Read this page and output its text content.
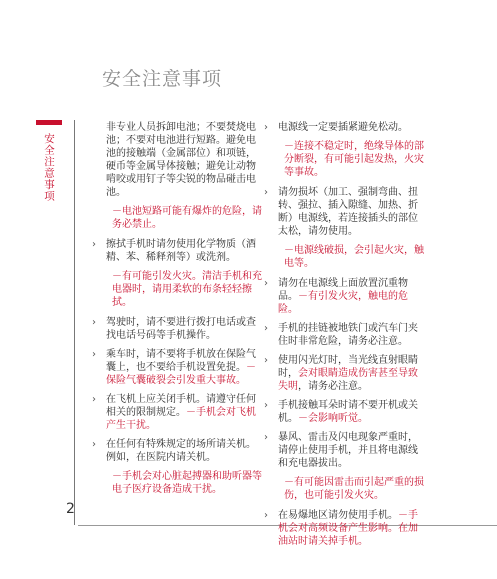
安全注意事项
安全注意事项
2
非专业人员拆卸电池；不要焚烧电池；不要对电池进行短路。避免电池的接触端（金属部位）和项链，硬币等金属导体接触；避免让动物啃咬或用钉子等尖锐的物品碰击电池。
－电池短路可能有爆炸的危险，请务必禁止。
› 擦拭手机时请勿使用化学物质（酒精、苯、稀释剂等）或洗剂。
－有可能引发火灾。清洁手机和充电器时，请用柔软的布条轻轻擦拭。
› 驾驶时，请不要进行拨打电话或查找电话号码等手机操作。
› 乘车时，请不要将手机放在保险气囊上，也不要给手机设置免提。－保险气囊破裂会引发重大事故。
› 在飞机上应关闭手机。请遵守任何相关的限制规定。－手机会对飞机产生干扰。
› 在任何有特殊规定的场所请关机。例如，在医院内请关机。
－手机会对心脏起搏器和助听器等电子医疗设备造成干扰。
› 电源线一定要插紧避免松动。
－连接不稳定时，绝缘导体的部分断裂，有可能引起发热，火灾等事故。
› 请勿损坏（加工、强制弯曲、扭转、强拉、插入隙缝、加热、折断）电源线，若连接插头的部位太松，请勿使用。
－电源线破损，会引起火灾，触电等。
› 请勿在电源线上面放置沉重物品。－有引发火灾，触电的危险。
› 手机的挂链被地铁门或汽车门夹住时非常危险，请务必注意。
› 使用闪光灯时，当光线直射眼睛时，会对眼睛造成伤害甚至导致失明，请务必注意。
› 手机接触耳朵时请不要开机或关机。－会影响听觉。
› 暴风、雷击及闪电现象严重时，请停止使用手机，并且将电源线和充电器拔出。
－有可能因雷击而引起严重的损伤，也可能引发火灾。
› 在易爆地区请勿使用手机。－手机会对高频设备产生影响。在加油站时请关掉手机。
